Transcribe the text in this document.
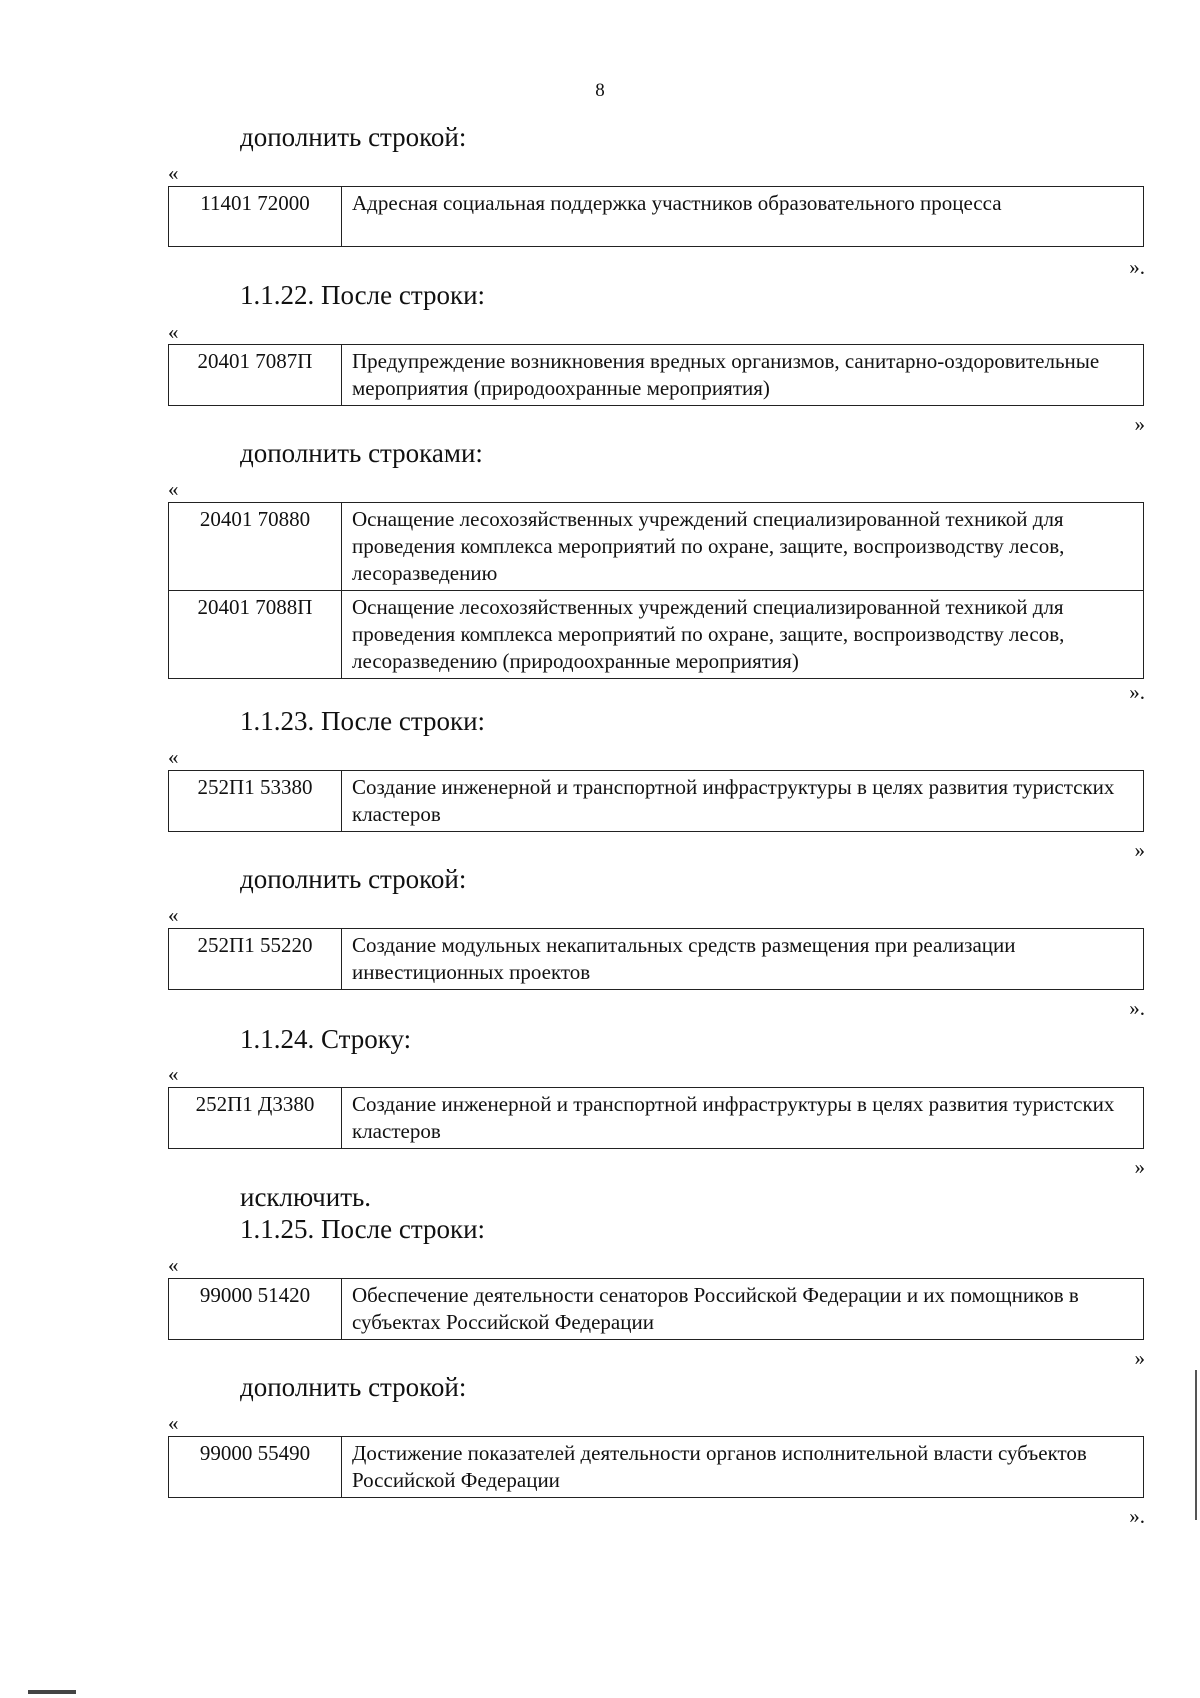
8
дополнить строкой:
«
11401 72000	Адресная социальная поддержка участников образовательного процесса
».
1.1.22. После строки:
«
20401 7087П	Предупреждение возникновения вредных организмов, санитарно-оздоровительные мероприятия (природоохранные мероприятия)
»
дополнить строками:
«
20401 70880	Оснащение лесохозяйственных учреждений специализированной техникой для проведения комплекса мероприятий по охране, защите, воспроизводству лесов, лесоразведению
20401 7088П	Оснащение лесохозяйственных учреждений специализированной техникой для проведения комплекса мероприятий по охране, защите, воспроизводству лесов, лесоразведению (природоохранные мероприятия)
».
1.1.23. После строки:
«
252П1 53380	Создание инженерной и транспортной инфраструктуры в целях развития туристских кластеров
»
дополнить строкой:
«
252П1 55220	Создание модульных некапитальных средств размещения при реализации инвестиционных проектов
».
1.1.24. Строку:
«
252П1 Д3380	Создание инженерной и транспортной инфраструктуры в целях развития туристских кластеров
»
исключить.
1.1.25. После строки:
«
99000 51420	Обеспечение деятельности сенаторов Российской Федерации и их помощников в субъектах Российской Федерации
»
дополнить строкой:
«
99000 55490	Достижение показателей деятельности органов исполнительной власти субъектов Российской Федерации
».
